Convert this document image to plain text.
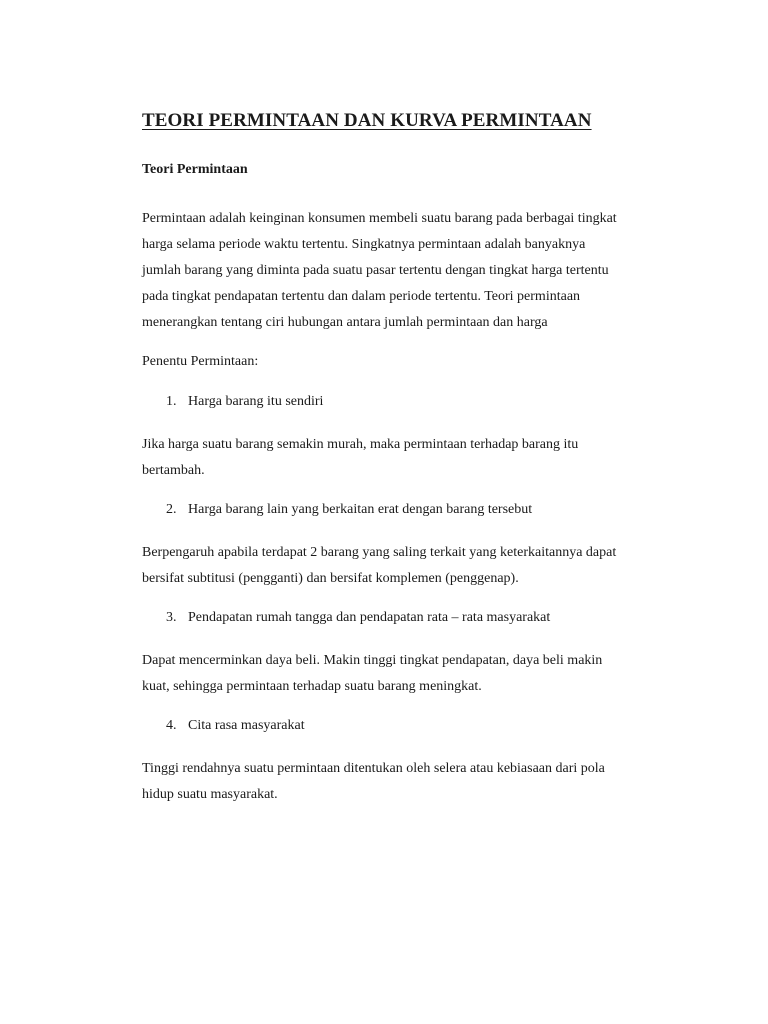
TEORI PERMINTAAN DAN KURVA PERMINTAAN
Teori Permintaan
Permintaan adalah keinginan konsumen membeli suatu barang pada berbagai tingkat
harga selama periode waktu tertentu. Singkatnya permintaan adalah banyaknya
jumlah barang yang diminta pada suatu pasar tertentu dengan tingkat harga tertentu
pada tingkat pendapatan tertentu dan dalam periode tertentu. Teori permintaan
menerangkan tentang ciri hubungan antara jumlah permintaan dan harga
Penentu Permintaan:
1. Harga barang itu sendiri
Jika harga suatu barang semakin murah, maka permintaan terhadap barang itu
bertambah.
2. Harga barang lain yang berkaitan erat dengan barang tersebut
Berpengaruh apabila terdapat 2 barang yang saling terkait yang keterkaitannya dapat
bersifat subtitusi (pengganti) dan bersifat komplemen (penggenap).
3. Pendapatan rumah tangga dan pendapatan rata – rata masyarakat
Dapat mencerminkan daya beli. Makin tinggi tingkat pendapatan, daya beli makin
kuat, sehingga permintaan terhadap suatu barang meningkat.
4. Cita rasa masyarakat
Tinggi rendahnya suatu permintaan ditentukan oleh selera atau kebiasaan dari pola
hidup suatu masyarakat.
